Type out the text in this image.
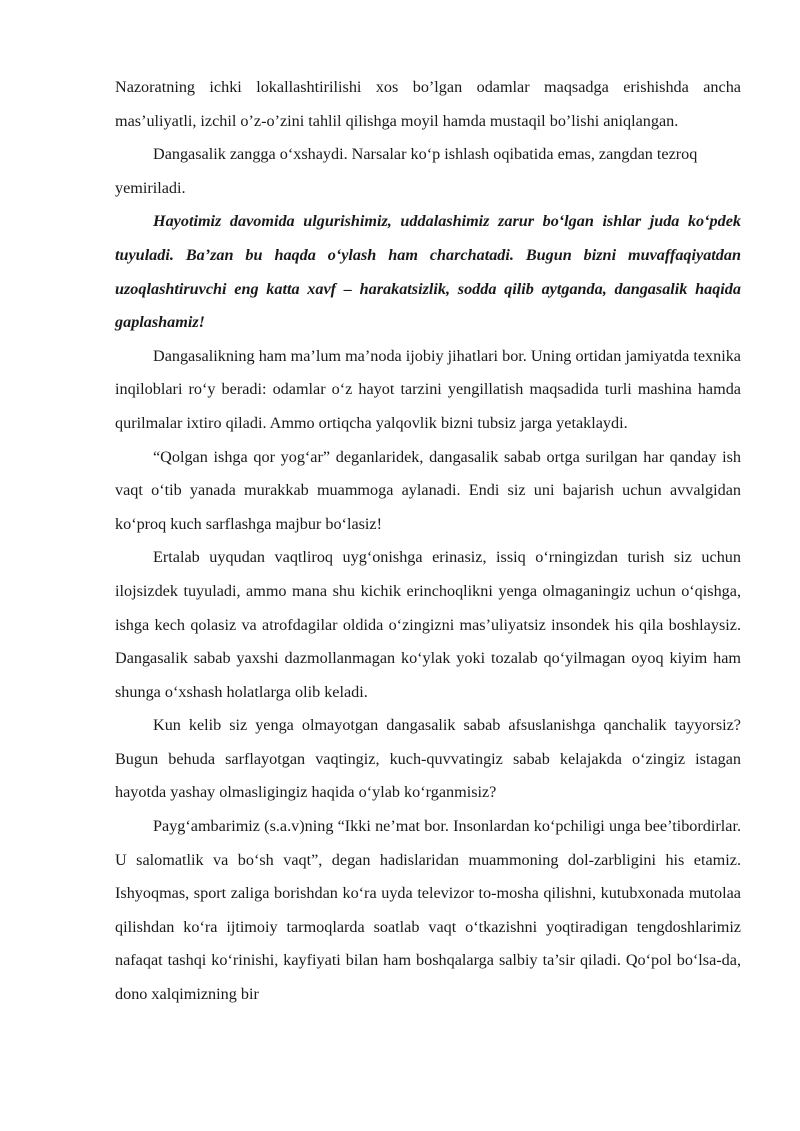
Nazoratning ichki lokallashtirilishi xos bo’lgan odamlar maqsadga erishishda ancha mas’uliyatli, izchil o’z-o’zini tahlil qilishga moyil hamda mustaqil bo’lishi aniqlangan.

Dangasalik zangga o‘xshaydi. Narsalar ko‘p ishlash oqibatida emas, zangdan tezroq yemiriladi.

Hayotimiz davomida ulgurishimiz, uddalashimiz zarur bo‘lgan ishlar juda ko‘pdek tuyuladi. Ba’zan bu haqda o‘ylash ham charchatadi. Bugun bizni muvaffaqiyatdan uzoqlashtiruvchi eng katta xavf – harakatsizlik, sodda qilib aytganda, dangasalik haqida gaplashamiz!

Dangasalikning ham ma’lum ma’noda ijobiy jihatlari bor. Uning ortidan jamiyatda texnika inqiloblari ro‘y beradi: odamlar o‘z hayot tarzini yengillatish maqsadida turli mashina hamda qurilmalar ixtiro qiladi. Ammo ortiqcha yalqovlik bizni tubsiz jarga yetaklaydi.

“Qolgan ishga qor yog‘ar” deganlaridek, dangasalik sabab ortga surilgan har qanday ish vaqt o‘tib yanada murakkab muammoga aylanadi. Endi siz uni bajarish uchun avvalgidan ko‘proq kuch sarflashga majbur bo‘lasiz!

Ertalab uyqudan vaqtliroq uyg‘onishga erinasiz, issiq o‘rningizdan turish siz uchun ilojsizdek tuyuladi, ammo mana shu kichik erinchoqlikni yenga olmaganingiz uchun o‘qishga, ishga kech qolasiz va atrofdagilar oldida o‘zingizni mas’uliyatsiz insondek his qila boshlaysiz. Dangasalik sabab yaxshi dazmollanmagan ko‘ylak yoki tozalab qo‘yilmagan oyoq kiyim ham shunga o‘xshash holatlarga olib keladi.

Kun kelib siz yenga olmayotgan dangasalik sabab afsuslanishga qanchalik tayyorsiz? Bugun behuda sarflayotgan vaqtingiz, kuch-quvvatingiz sabab kelajakda o‘zingiz istagan hayotda yashay olmasligingiz haqida o‘ylab ko‘rganmisiz?

Payg‘ambarimiz (s.a.v)ning “Ikki ne’mat bor. Insonlardan ko‘pchiligi unga bee’tibordirlar. U salomatlik va bo‘sh vaqt”, degan hadislaridan muammoning dol-zarbligini his etamiz. Ishyoqmas, sport zaliga borishdan ko‘ra uyda televizor to-mosha qilishni, kutubxonada mutolaa qilishdan ko‘ra ijtimoiy tarmoqlarda soatlab vaqt o‘tkazishni yoqtiradigan tengdoshlarimiz nafaqat tashqi ko‘rinishi, kayfiyati bilan ham boshqalarga salbiy ta’sir qiladi. Qo‘pol bo‘lsa-da, dono xalqimizning bir
